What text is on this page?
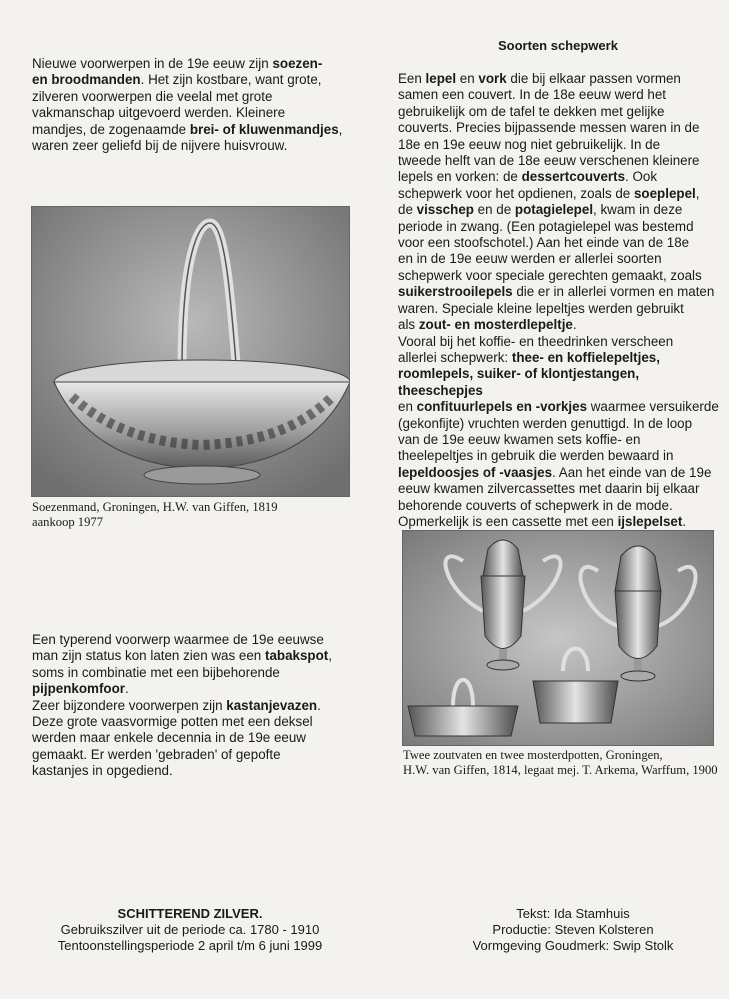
Nieuwe voorwerpen in de 19e eeuw zijn soezen-

en broodmanden. Het zijn kostbare, want grote,

zilveren voorwerpen die veelal met grote

vakmanschap uitgevoerd werden. Kleinere

mandjes, de zogenaamde brei- of kluwenmandjes,

waren zeer geliefd bij de nijvere huisvrouw.

Soezenmand, Groningen, H.W. van Giffen, 1819
aankoop 1977

Een typerend voorwerp waarmee de 19e eeuwse

man zijn status kon laten zien was een tabakspot,

soms in combinatie met een bijbehorende

pijpenkomfoor.

Zeer bijzondere voorwerpen zijn kastanjevazen.

Deze grote vaasvormige potten met een deksel

werden maar enkele decennia in de 19e eeuw

gemaakt. Er werden 'gebraden' of gepofte

kastanjes in opgediend.

Soorten schepwerk

Een lepel en vork die bij elkaar passen vormen

samen een couvert. In de 18e eeuw werd het

gebruikelijk om de tafel te dekken met gelijke

couverts. Precies bijpassende messen waren in de

18e en 19e eeuw nog niet gebruikelijk. In de

tweede helft van de 18e eeuw verschenen kleinere

lepels en vorken: de dessertcouverts. Ook

schepwerk voor het opdienen, zoals de soeplepel,

de visschep en de potagielepel, kwam in deze

periode in zwang. (Een potagielepel was bestemd

voor een stoofschotel.) Aan het einde van de 18e

en in de 19e eeuw werden er allerlei soorten

schepwerk voor speciale gerechten gemaakt, zoals

suikerstrooilepels die er in allerlei vormen en maten

waren. Speciale kleine lepeltjes werden gebruikt

als zout- en mosterdlepeltje.

Vooral bij het koffie- en theedrinken verscheen

allerlei schepwerk: thee- en koffielepeltjes,

roomlepels, suiker- of klontjestangen, theeschepjes

en confituurlepels en -vorkjes waarmee versuikerde

(gekonfijte) vruchten werden genuttigd. In de loop

van de 19e eeuw kwamen sets koffie- en

theelepeltjes in gebruik die werden bewaard in

lepeldoosjes of -vaasjes. Aan het einde van de 19e

eeuw kwamen zilvercassettes met daarin bij elkaar

behorende couverts of schepwerk in de mode.

Opmerkelijk is een cassette met een ijslepelset.

Twee zoutvaten en twee mosterdpotten, Groningen,
H.W. van Giffen, 1814, legaat mej. T. Arkema, Warffum, 1900
SCHITTEREND ZILVER.
Gebruikszilver uit de periode ca. 1780 - 1910
Tentoonstellingsperiode 2 april t/m 6 juni 1999
Tekst: Ida Stamhuis
Productie: Steven Kolsteren
Vormgeving Goudmerk: Swip Stolk
